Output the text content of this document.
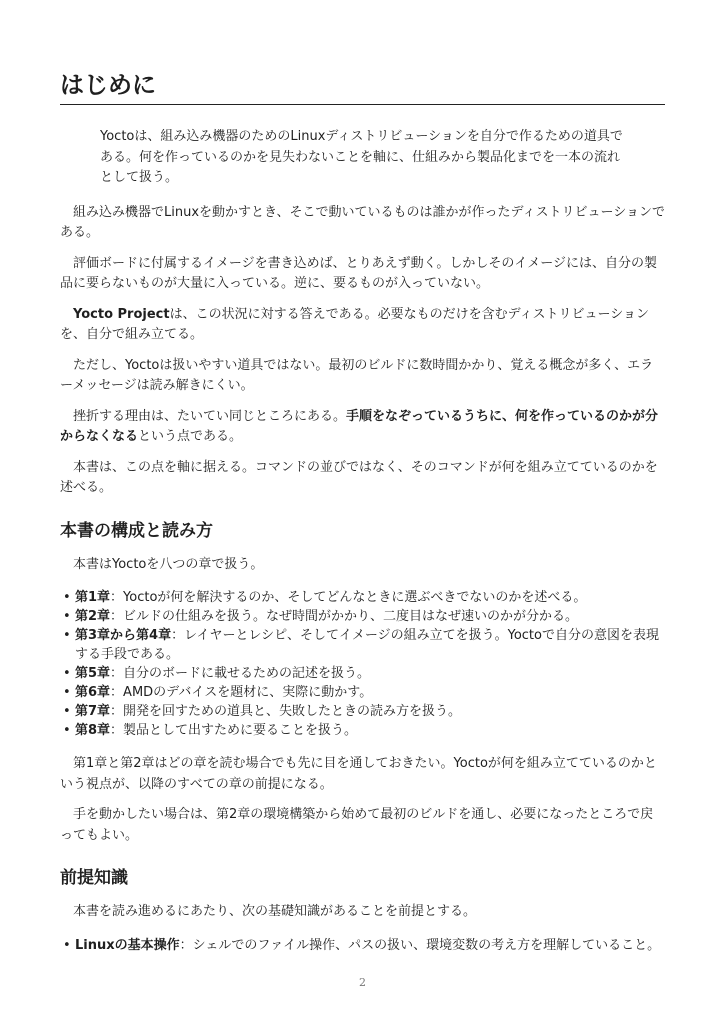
はじめに
Yoctoは、組み込み機器のためのLinuxディストリビューションを自分で作るための道具である。何を作っているのかを見失わないことを軸に、仕組みから製品化までを一本の流れとして扱う。

組み込み機器でLinuxを動かすとき、そこで動いているものは誰かが作ったディストリビューションである。

評価ボードに付属するイメージを書き込めば、とりあえず動く。しかしそのイメージには、自分の製品に要らないものが大量に入っている。逆に、要るものが入っていない。

Yocto Projectは、この状況に対する答えである。必要なものだけを含むディストリビューションを、自分で組み立てる。

ただし、Yoctoは扱いやすい道具ではない。最初のビルドに数時間かかり、覚える概念が多く、エラーメッセージは読み解きにくい。

挫折する理由は、たいてい同じところにある。手順をなぞっているうちに、何を作っているのかが分からなくなるという点である。

本書は、この点を軸に据える。コマンドの並びではなく、そのコマンドが何を組み立てているのかを述べる。

本書の構成と読み方

本書はYoctoを八つの章で扱う。

• 第1章：Yoctoが何を解決するのか、そしてどんなときに選ぶべきでないのかを述べる。
• 第2章：ビルドの仕組みを扱う。なぜ時間がかかり、二度目はなぜ速いのかが分かる。
• 第3章から第4章：レイヤーとレシピ、そしてイメージの組み立てを扱う。Yoctoで自分の意図を表現する手段である。
• 第5章：自分のボードに載せるための記述を扱う。
• 第6章：AMDのデバイスを題材に、実際に動かす。
• 第7章：開発を回すための道具と、失敗したときの読み方を扱う。
• 第8章：製品として出すために要ることを扱う。

第1章と第2章はどの章を読む場合でも先に目を通しておきたい。Yoctoが何を組み立てているのかという視点が、以降のすべての章の前提になる。

手を動かしたい場合は、第2章の環境構築から始めて最初のビルドを通し、必要になったところで戻ってもよい。

前提知識

本書を読み進めるにあたり、次の基礎知識があることを前提とする。

• Linuxの基本操作：シェルでのファイル操作、パスの扱い、環境変数の考え方を理解していること。
2
